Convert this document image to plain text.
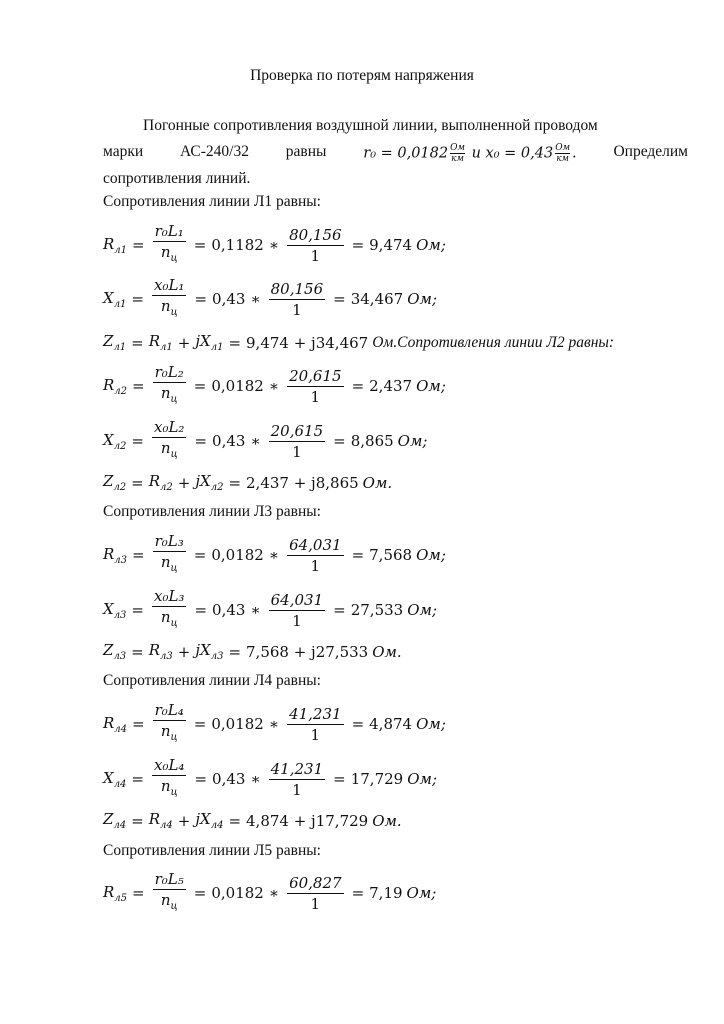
Проверка по потерям напряжения
Погонные сопротивления воздушной линии, выполненной проводом
марки АС-240/32 равны	$r_0 = 0,0182 \frac{Ом}{км}$ и $x_0 = 0,43 \frac{Ом}{км}$ . Определим
сопротивления линий.
Сопротивления линии Л1 равны:
Сопротивления линии Л3 равны:
Сопротивления линии Л4 равны:
Сопротивления линии Л5 равны:
$R_{л1} = \frac{\text{r₀L₁}}{n_ц} = 0,1182$ ∗ $\frac{80,156}{1} = 9,474$ Ом;
$X_{л1} = \frac{\text{x₀L₁}}{n_ц} = 0,43$ ∗ $\frac{80,156}{1} = 34,467$ Ом;
$Z_{л1} = R_{л1} + jX_{л1} = 9,474 + j34,467$ Ом.Сопротивления линии Л2 равны:
$R_{л2} = \frac{\text{r₀L₂}}{n_ц} = 0,0182$ ∗ $\frac{20,615}{1} = 2,437$ Ом;
$X_{л2} = \frac{\text{x₀L₂}}{n_ц} = 0,43$ ∗ $\frac{20,615}{1} = 8,865$ Ом;
$Z_{л2} = R_{л2} + jX_{л2} = 2,437 + j8,865$ Ом.
$R_{л3} = \frac{\text{r₀L₃}}{n_ц} = 0,0182$ ∗ $\frac{64,031}{1} = 7,568$ Ом;
$X_{л3} = \frac{\text{x₀L₃}}{n_ц} = 0,43$ ∗ $\frac{64,031}{1} = 27,533$ Ом;
$Z_{л3} = R_{л3} + jX_{л3} = 7,568 + j27,533$ Ом.
$R_{л4} = \frac{\text{r₀L₄}}{n_ц} = 0,0182$ ∗ $\frac{41,231}{1} = 4,874$ Ом;
$X_{л4} = \frac{\text{x₀L₄}}{n_ц} = 0,43$ ∗ $\frac{41,231}{1} = 17,729$ Ом;
$Z_{л4} = R_{л4} + jX_{л4} = 4,874 + j17,729$ Ом.
$R_{л5} = \frac{\text{r₀L₅}}{n_ц} = 0,0182$ ∗ $\frac{60,827}{1} = 7,19$ Ом;
